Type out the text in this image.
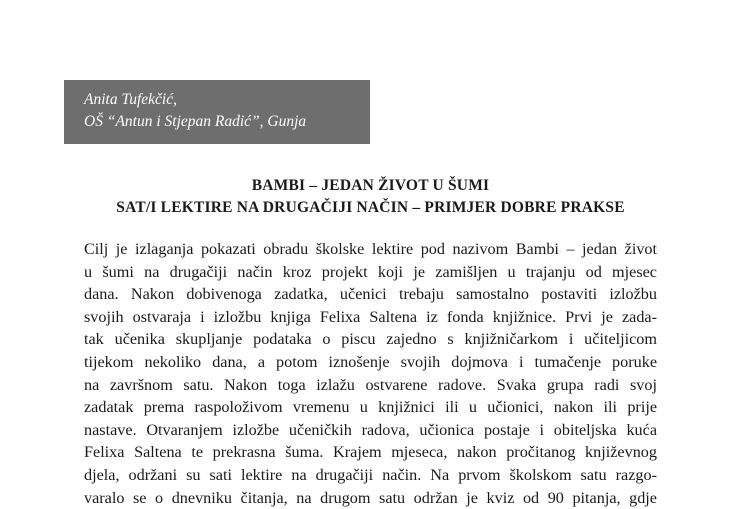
Anita Tufekčić,
OŠ “Antun i Stjepan Radić”, Gunja
BAMBI – JEDAN ŽIVOT U ŠUMI
SAT/I LEKTIRE NA DRUGAČIJI NAČIN – PRIMJER DOBRE PRAKSE
Cilj je izlaganja pokazati obradu školske lektire pod nazivom Bambi – jedan život
u šumi na drugačiji način kroz projekt koji je zamišljen u trajanju od mjesec
dana. Nakon dobivenoga zadatka, učenici trebaju samostalno postaviti izložbu
svojih ostvaraja i izložbu knjiga Felixa Saltena iz fonda knjižnice. Prvi je zada-
tak učenika skupljanje podataka o piscu zajedno s knjižničarkom i učiteljicom
tijekom nekoliko dana, a potom iznošenje svojih dojmova i tumačenje poruke
na završnom satu. Nakon toga izlažu ostvarene radove. Svaka grupa radi svoj
zadatak prema raspoloživom vremenu u knjižnici ili u učionici, nakon ili prije
nastave. Otvaranjem izložbe učeničkih radova, učionica postaje i obiteljska kuća
Felixa Saltena te prekrasna šuma. Krajem mjeseca, nakon pročitanog književnog
djela, održani su sati lektire na drugačiji način. Na prvom školskom satu razgo-
varalo se o dnevniku čitanja, na drugom satu održan je kviz od 90 pitanja, gdje
